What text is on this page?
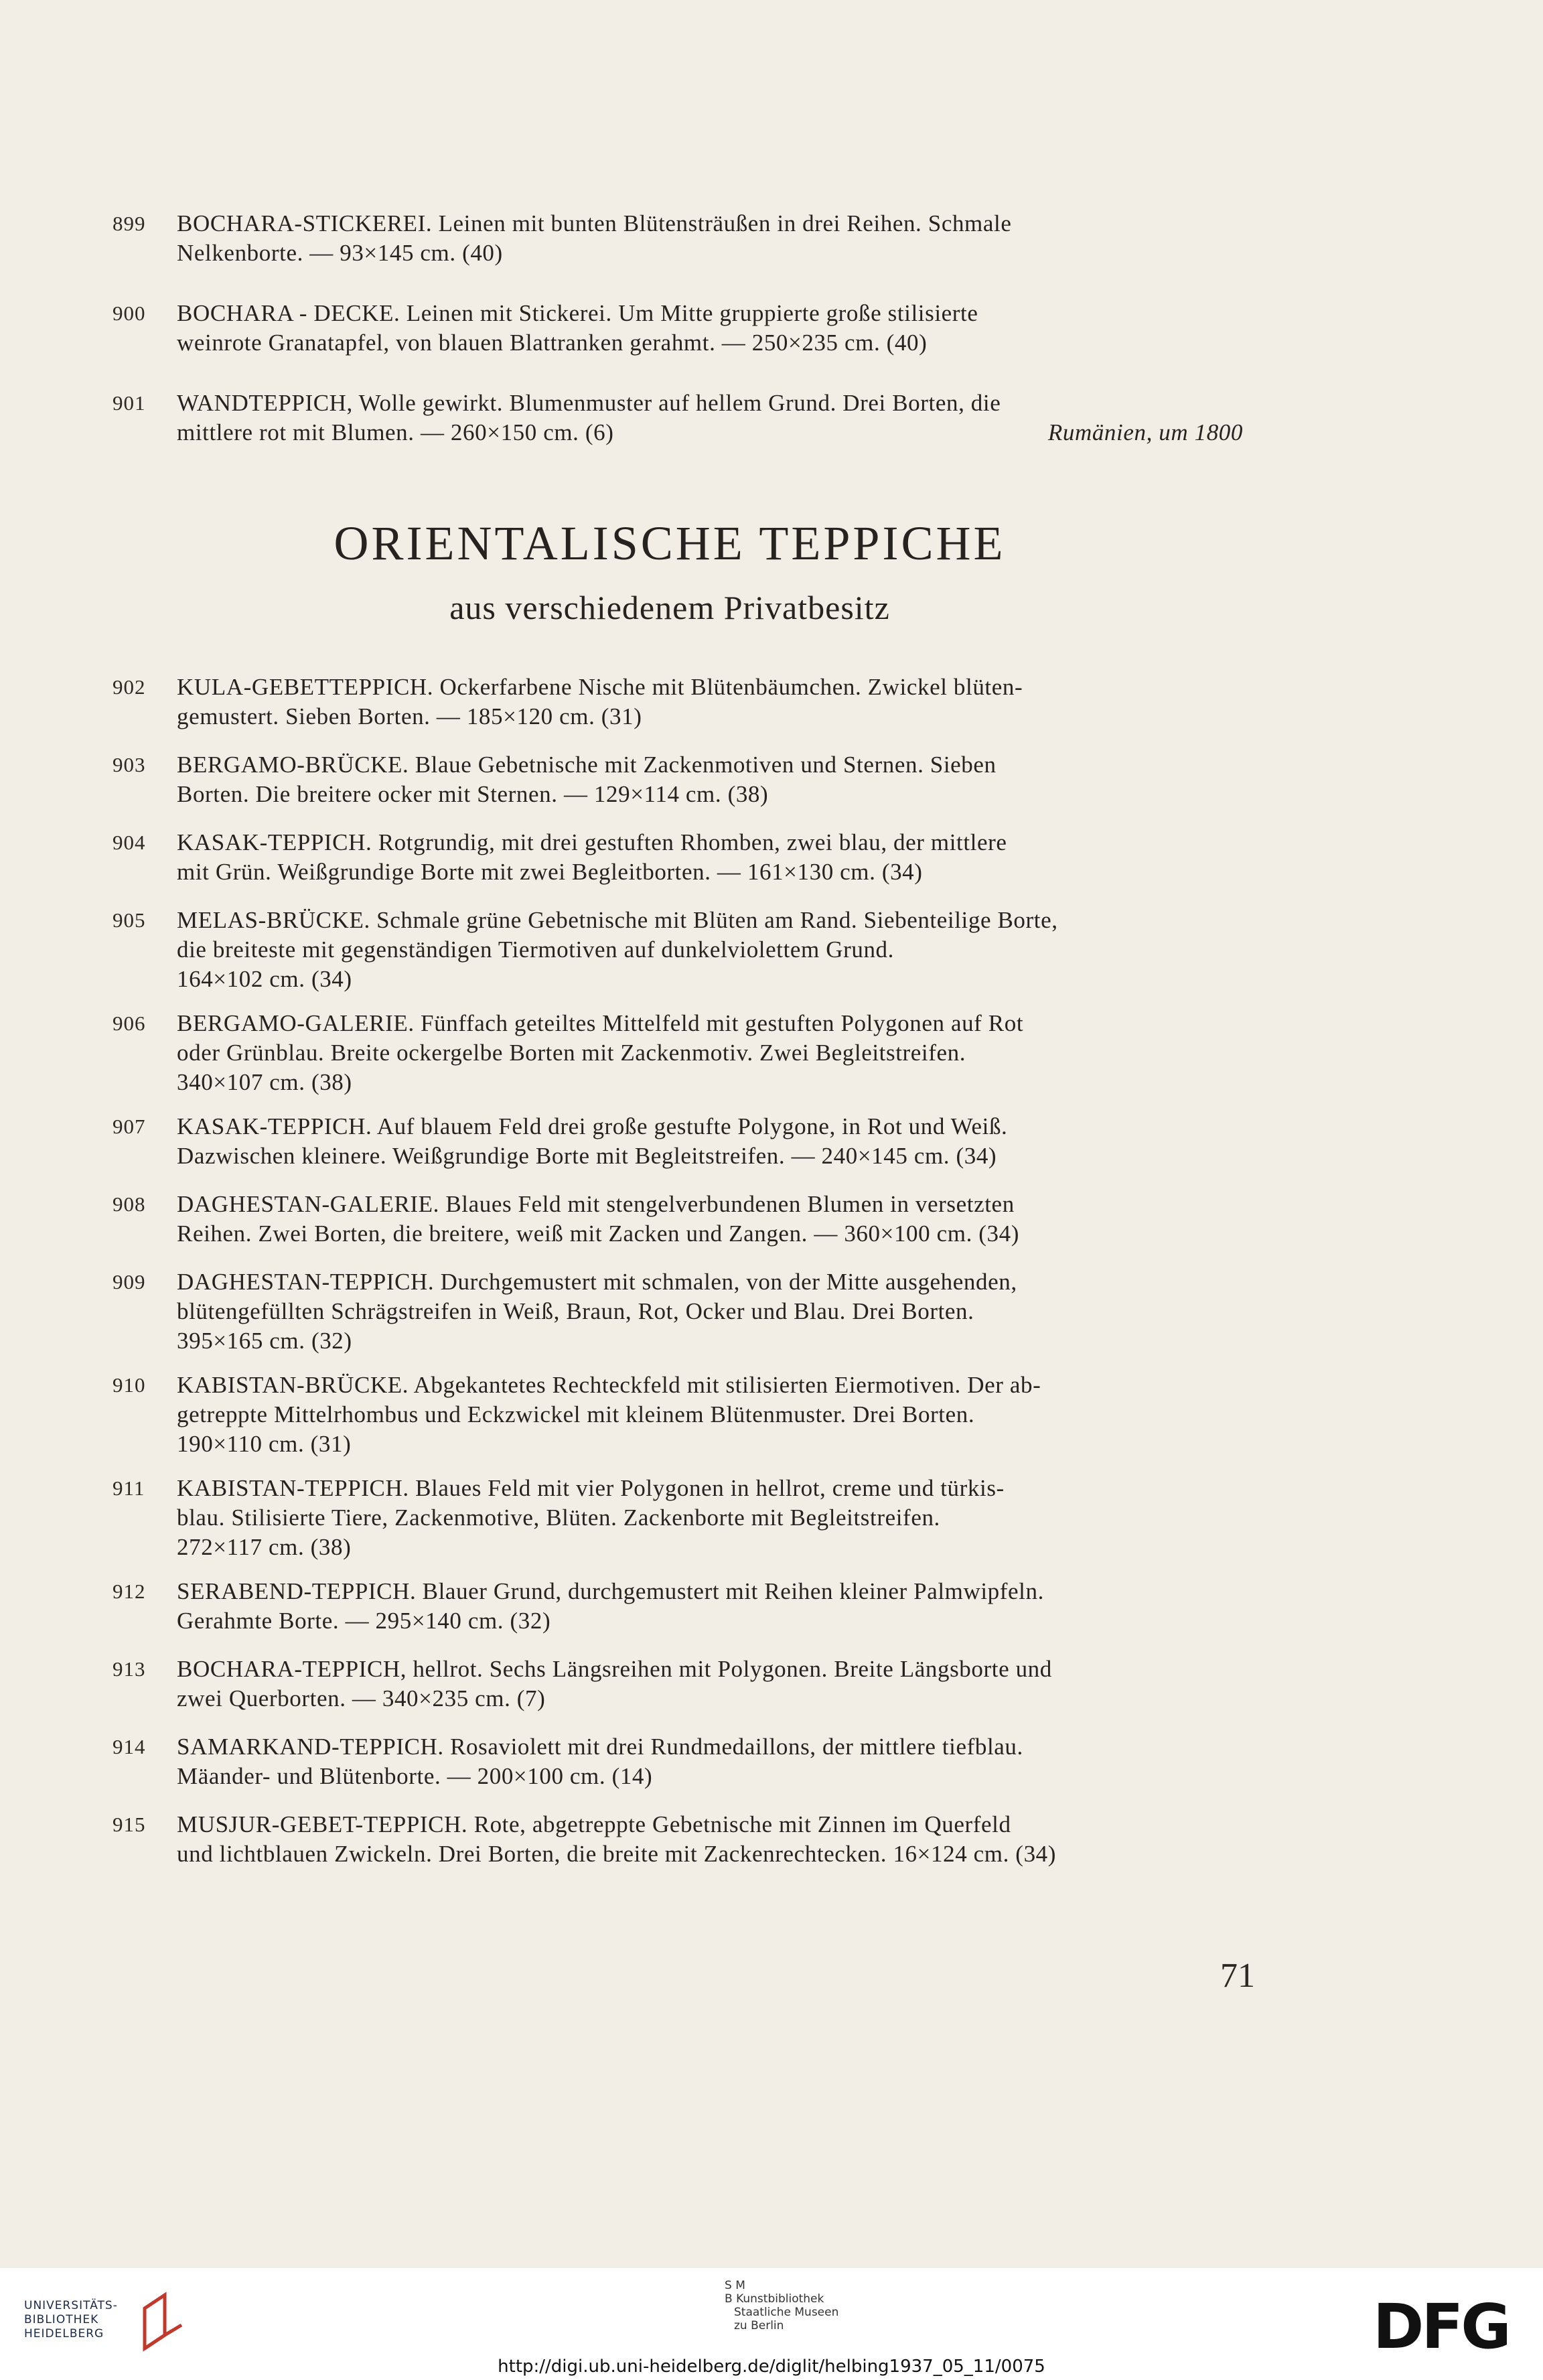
899 BOCHARA-STICKEREI. Leinen mit bunten Blütensträußen in drei Reihen. Schmale
Nelkenborte. — 93×145 cm. (40)
900 BOCHARA - DECKE. Leinen mit Stickerei. Um Mitte gruppierte große stilisierte
weinrote Granatapfel, von blauen Blattranken gerahmt. — 250×235 cm. (40)
901 WANDTEPPICH, Wolle gewirkt. Blumenmuster auf hellem Grund. Drei Borten, die
mittlere rot mit Blumen. — 260×150 cm. (6)	Rumänien, um 1800
ORIENTALISCHE TEPPICHE
aus verschiedenem Privatbesitz
902 KULA-GEBETTEPPICH. Ockerfarbene Nische mit Blütenbäumchen. Zwickel blüten-
gemustert. Sieben Borten. — 185×120 cm. (31)
903 BERGAMO-BRÜCKE. Blaue Gebetnische mit Zackenmotiven und Sternen. Sieben
Borten. Die breitere ocker mit Sternen. — 129×114 cm. (38)
904 KASAK-TEPPICH. Rotgrundig, mit drei gestuften Rhomben, zwei blau, der mittlere
mit Grün. Weißgrundige Borte mit zwei Begleitborten. — 161×130 cm. (34)
905 MELAS-BRÜCKE. Schmale grüne Gebetnische mit Blüten am Rand. Siebenteilige Borte,
die breiteste mit gegenständigen Tiermotiven auf dunkelviolettem Grund.
164×102 cm. (34)
906 BERGAMO-GALERIE. Fünffach geteiltes Mittelfeld mit gestuften Polygonen auf Rot
oder Grünblau. Breite ockergelbe Borten mit Zackenmotiv. Zwei Begleitstreifen.
340×107 cm. (38)
907 KASAK-TEPPICH. Auf blauem Feld drei große gestufte Polygone, in Rot und Weiß.
Dazwischen kleinere. Weißgrundige Borte mit Begleitstreifen. — 240×145 cm. (34)
908 DAGHESTAN-GALERIE. Blaues Feld mit stengelverbundenen Blumen in versetzten
Reihen. Zwei Borten, die breitere, weiß mit Zacken und Zangen. — 360×100 cm. (34)
909 DAGHESTAN-TEPPICH. Durchgemustert mit schmalen, von der Mitte ausgehenden,
blütengefüllten Schrägstreifen in Weiß, Braun, Rot, Ocker und Blau. Drei Borten.
395×165 cm. (32)
910 KABISTAN-BRÜCKE. Abgekantetes Rechteckfeld mit stilisierten Eiermotiven. Der ab-
getreppte Mittelrhombus und Eckzwickel mit kleinem Blütenmuster. Drei Borten.
190×110 cm. (31)
911 KABISTAN-TEPPICH. Blaues Feld mit vier Polygonen in hellrot, creme und türkis-
blau. Stilisierte Tiere, Zackenmotive, Blüten. Zackenborte mit Begleitstreifen.
272×117 cm. (38)
912 SERABEND-TEPPICH. Blauer Grund, durchgemustert mit Reihen kleiner Palmwipfeln.
Gerahmte Borte. — 295×140 cm. (32)
913 BOCHARA-TEPPICH, hellrot. Sechs Längsreihen mit Polygonen. Breite Längsborte und
zwei Querborten. — 340×235 cm. (7)
914 SAMARKAND-TEPPICH. Rosaviolett mit drei Rundmedaillons, der mittlere tiefblau.
Mäander- und Blütenborte. — 200×100 cm. (14)
915 MUSJUR-GEBET-TEPPICH. Rote, abgetreppte Gebetnische mit Zinnen im Querfeld
und lichtblauen Zwickeln. Drei Borten, die breite mit Zackenrechtecken. 16×124 cm. (34)
71
UNIVERSITÄTS-
BIBLIOTHEK
HEIDELBERG
S M
B Kunstbibliothek
Staatliche Museen
zu Berlin	DFG
http://digi.ub.uni-heidelberg.de/diglit/helbing1937_05_11/0075
